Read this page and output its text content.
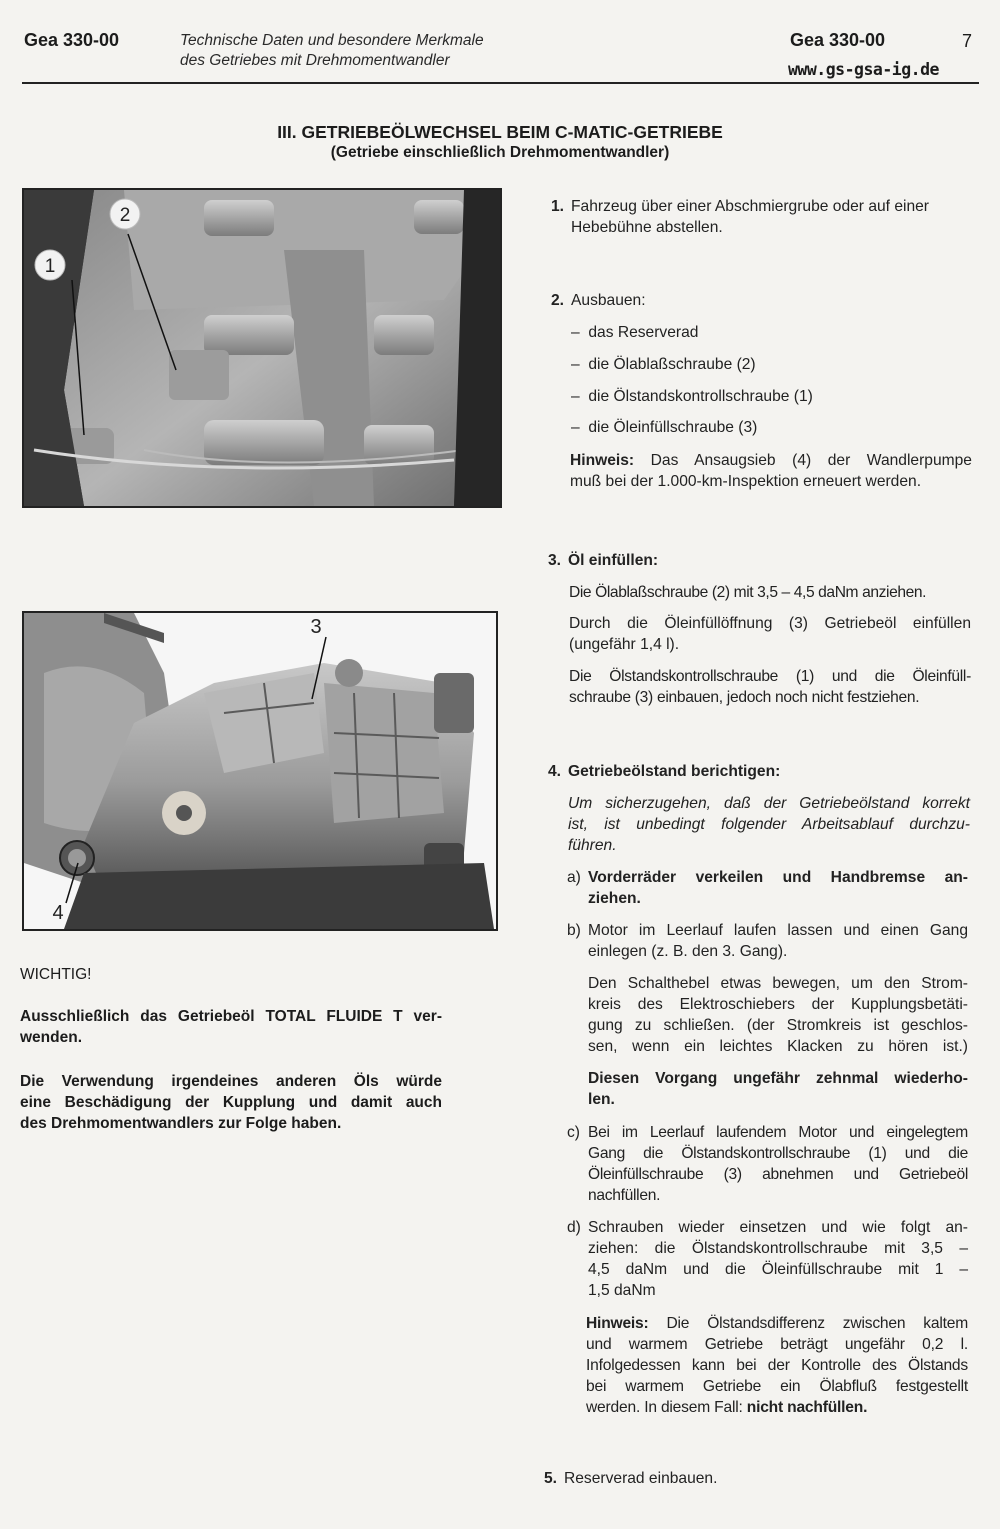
Gea 330-00	Technische Daten und besondere Merkmale
des Getriebes mit Drehmomentwandler
Gea 330-00	7
www.gs-gsa-ig.de
III. GETRIEBEÖLWECHSEL BEIM C-MATIC-GETRIEBE
(Getriebe einschließlich Drehmomentwandler)
1
2
3
4
1. Fahrzeug über einer Abschmiergrube oder auf einer
Hebebühne abstellen.
2. Ausbauen:
–  das Reserverad
–  die Ölablaßschraube (2)
–  die Ölstandskontrollschraube (1)
–  die Öleinfüllschraube (3)
Hinweis: Das Ansaugsieb (4) der Wandlerpumpe
muß bei der 1.000-km-Inspektion erneuert werden.
3. Öl einfüllen:
Die Ölablaßschraube (2) mit 3,5 – 4,5 daNm anziehen.
Durch die Öleinfüllöffnung (3) Getriebeöl einfüllen
(ungefähr 1,4 l).
Die Ölstandskontrollschraube (1) und die Öleinfüll-
schraube (3) einbauen, jedoch noch nicht festziehen.
4. Getriebeölstand berichtigen:
Um sicherzugehen, daß der Getriebeölstand korrekt
ist, ist unbedingt folgender Arbeitsablauf durchzu-
führen.
a) Vorderräder verkeilen und Handbremse an-
ziehen.
b) Motor im Leerlauf laufen lassen und einen Gang
einlegen (z. B. den 3. Gang).
Den Schalthebel etwas bewegen, um den Strom-
kreis des Elektroschiebers der Kupplungsbetäti-
gung zu schließen. (der Stromkreis ist geschlos-
sen, wenn ein leichtes Klacken zu hören ist.)
Diesen Vorgang ungefähr zehnmal wiederho-
len.
c) Bei im Leerlauf laufendem Motor und eingelegtem
Gang die Ölstandskontrollschraube (1) und die
Öleinfüllschraube (3) abnehmen und Getriebeöl
nachfüllen.
d) Schrauben wieder einsetzen und wie folgt an-
ziehen: die Ölstandskontrollschraube mit 3,5 –
4,5 daNm und die Öleinfüllschraube mit 1 –
1,5 daNm
Hinweis: Die Ölstandsdifferenz zwischen kaltem
und warmem Getriebe beträgt ungefähr 0,2 l.
Infolgedessen kann bei der Kontrolle des Ölstands
bei warmem Getriebe ein Ölabfluß festgestellt
werden. In diesem Fall: nicht nachfüllen.
5. Reserverad einbauen.
WICHTIG!
Ausschließlich das Getriebeöl TOTAL FLUIDE T ver-
wenden.
Die Verwendung irgendeines anderen Öls würde
eine Beschädigung der Kupplung und damit auch
des Drehmomentwandlers zur Folge haben.
